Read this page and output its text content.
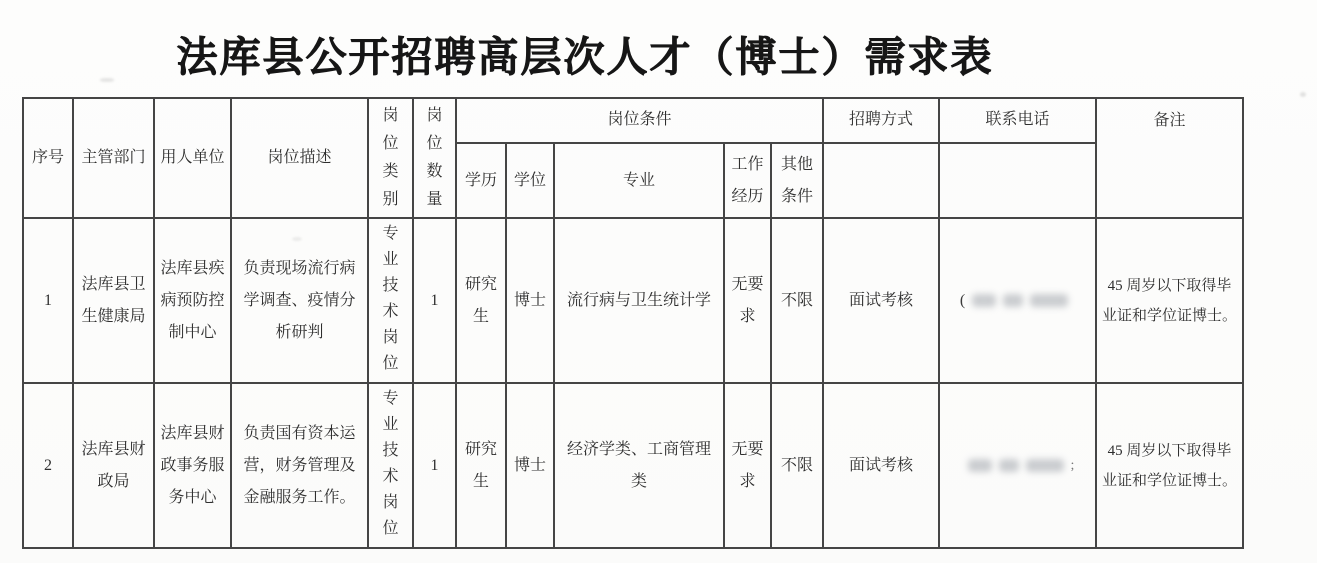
法库县公开招聘高层次人才（博士）需求表
序号	主管部门	用人单位	岗位描述	岗位类别	岗位数量	岗位条件					招聘方式	联系电话	备注
						学历	学位	专业	工作经历	其他条件			
1	法库县卫生健康局	法库县疾病预防控制中心	负责现场流行病学调查、疫情分析研判	专业技术岗位	1	研究生	博士	流行病与卫生统计学	无要求	不限	面试考核	(	45 周岁以下取得毕业证和学位证博士。
2	法库县财政局	法库县财政事务服务中心	负责国有资本运营，财务管理及金融服务工作。	专业技术岗位	1	研究生	博士	经济学类、工商管理类	无要求	不限	面试考核	;	45 周岁以下取得毕业证和学位证博士。
